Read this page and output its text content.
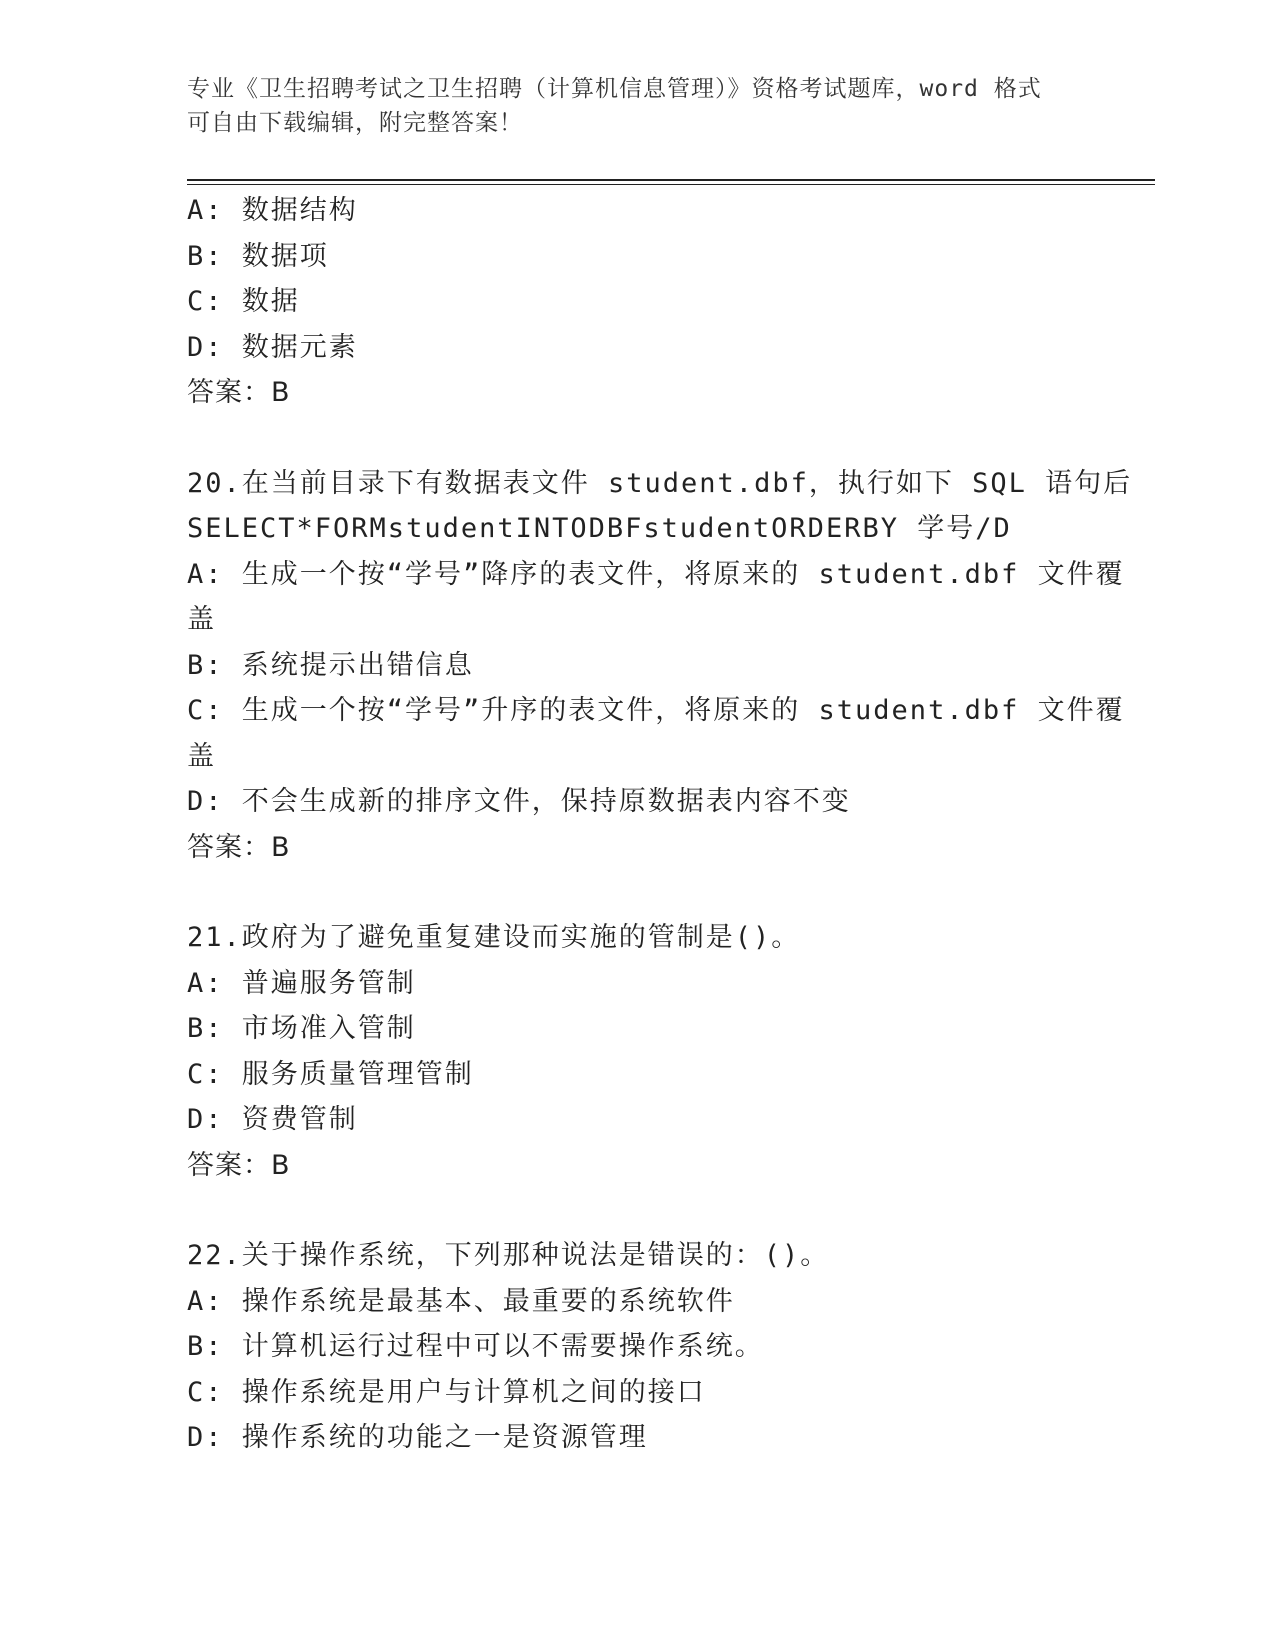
专业《卫生招聘考试之卫生招聘（计算机信息管理）》资格考试题库，word 格式
可自由下载编辑，附完整答案！
A: 数据结构
B: 数据项
C: 数据
D: 数据元素
答案：B
20.在当前目录下有数据表文件 student.dbf，执行如下 SQL 语句后
SELECT*FORMstudentINTODBFstudentORDERBY 学号/D
A: 生成一个按“学号”降序的表文件，将原来的 student.dbf 文件覆
盖
B: 系统提示出错信息
C: 生成一个按“学号”升序的表文件，将原来的 student.dbf 文件覆
盖
D: 不会生成新的排序文件，保持原数据表内容不变
答案：B
21.政府为了避免重复建设而实施的管制是()。
A: 普遍服务管制
B: 市场准入管制
C: 服务质量管理管制
D: 资费管制
答案：B
22.关于操作系统，下列那种说法是错误的：()。
A: 操作系统是最基本、最重要的系统软件
B: 计算机运行过程中可以不需要操作系统。
C: 操作系统是用户与计算机之间的接口
D: 操作系统的功能之一是资源管理
